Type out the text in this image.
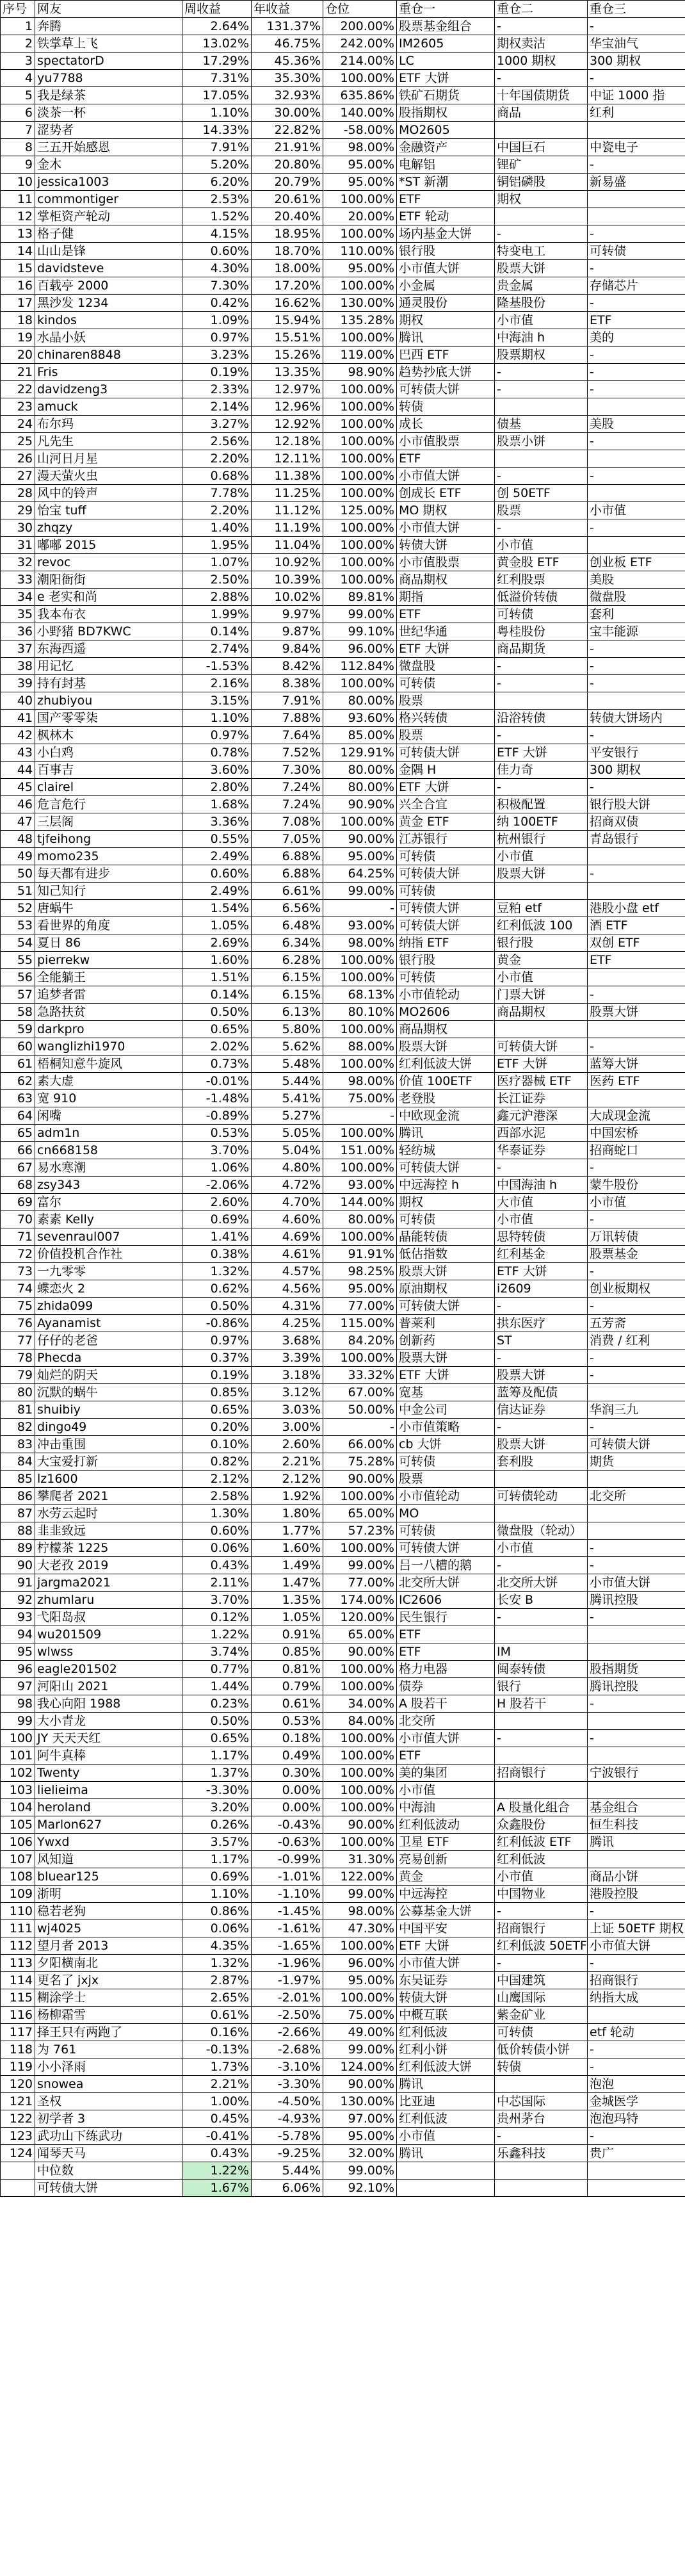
序号	网友	周收益	年收益	仓位	重仓一	重仓二	重仓三
1	奔腾	2.64%	131.37%	200.00%	股票基金组合	-	-
2	铁掌草上飞	13.02%	46.75%	242.00%	IM2605	期权卖沽	华宝油气
3	spectatorD	17.29%	45.36%	214.00%	LC	1000 期权	300 期权
4	yu7788	7.31%	35.30%	100.00%	ETF 大饼	-	-
5	我是绿茶	17.05%	32.93%	635.86%	铁矿石期货	十年国债期货	中证 1000 指
6	淡茶一杯	1.10%	30.00%	140.00%	股指期权	商品	红利
7	涩势者	14.33%	22.82%	-58.00%	MO2605		
8	三五开始感恩	7.91%	21.91%	98.00%	金融资产	中国巨石	中瓷电子
9	金木	5.20%	20.80%	95.00%	电解铝	锂矿	-
10	jessica1003	6.20%	20.79%	95.00%	*ST 新潮	铜铝磷股	新易盛
11	commontiger	2.53%	20.61%	100.00%	ETF	期权	
12	掌柜资产轮动	1.52%	20.40%	20.00%	ETF 轮动		
13	格子健	4.15%	18.95%	100.00%	场内基金大饼	-	-
14	山山是锋	0.60%	18.70%	110.00%	银行股	特变电工	可转债
15	davidsteve	4.30%	18.00%	95.00%	小市值大饼	股票大饼	-
16	百载亭 2000	7.30%	17.20%	100.00%	小金属	贵金属	存储芯片
17	黑沙发 1234	0.42%	16.62%	130.00%	通灵股份	隆基股份	-
18	kindos	1.09%	15.94%	135.28%	期权	小市值	ETF
19	水晶小妖	0.97%	15.51%	100.00%	腾讯	中海油 h	美的
20	chinaren8848	3.23%	15.26%	119.00%	巴西 ETF	股票期权	-
21	Fris	0.19%	13.35%	98.90%	趋势抄底大饼	-	-
22	davidzeng3	2.33%	12.97%	100.00%	可转债大饼	-	-
23	amuck	2.14%	12.96%	100.00%	转债		
24	布尔玛	3.27%	12.92%	100.00%	成长	债基	美股
25	凡先生	2.56%	12.18%	100.00%	小市值股票	股票小饼	-
26	山河日月星	2.20%	12.11%	100.00%	ETF		
27	漫天萤火虫	0.68%	11.38%	100.00%	小市值大饼	-	-
28	风中的铃声	7.78%	11.25%	100.00%	创成长 ETF	创 50ETF	
29	怡宝 tuff	2.20%	11.12%	125.00%	MO 期权	股票	小市值
30	zhqzy	1.40%	11.19%	100.00%	小市值大饼	-	-
31	嘟嘟 2015	1.95%	11.04%	100.00%	转债大饼	小市值	
32	revoc	1.07%	10.92%	100.00%	小市值股票	黄金股 ETF	创业板 ETF
33	潮阳衙街	2.50%	10.39%	100.00%	商品期权	红利股票	美股
34	e 老实和尚	2.88%	10.02%	89.81%	期指	低溢价转债	微盘股
35	我本布衣	1.99%	9.97%	99.00%	ETF	可转债	套利
36	小野猪 BD7KWC	0.14%	9.87%	99.10%	世纪华通	粤桂股份	宝丰能源
37	东海西遥	2.74%	9.84%	96.00%	ETF 大饼	商品期货	-
38	用记忆	-1.53%	8.42%	112.84%	微盘股	-	-
39	持有封基	2.16%	8.38%	100.00%	可转债	-	-
40	zhubiyou	3.15%	7.91%	80.00%	股票		
41	国产零零柒	1.10%	7.88%	93.60%	格兴转债	沿浴转债	转债大饼场内
42	枫林木	0.97%	7.64%	85.00%	股票	-	-
43	小白鸡	0.78%	7.52%	129.91%	可转债大饼	ETF 大饼	平安银行
44	百事吉	3.60%	7.30%	80.00%	金隅 H	佳力奇	300 期权
45	clairel	2.80%	7.24%	80.00%	ETF 大饼	-	-
46	危言危行	1.68%	7.24%	90.90%	兴全合宜	积极配置	银行股大饼
47	三层阁	3.36%	7.08%	100.00%	黄金 ETF	纳 100ETF	招商双债
48	tjfeihong	0.55%	7.05%	90.00%	江苏银行	杭州银行	青岛银行
49	momo235	2.49%	6.88%	95.00%	可转债	小市值	
50	每天都有进步	0.60%	6.88%	64.25%	可转债大饼	股票大饼	-
51	知己知行	2.49%	6.61%	99.00%	可转债		
52	唐蜗牛	1.54%	6.56%	-	可转债大饼	豆粕 etf	港股小盘 etf
53	看世界的角度	1.05%	6.48%	93.00%	可转债大饼	红利低波 100	酒 ETF
54	夏日 86	2.69%	6.34%	98.00%	纳指 ETF	银行股	双创 ETF
55	pierrekw	1.60%	6.28%	100.00%	银行股	黄金	ETF
56	全能躺王	1.51%	6.15%	100.00%	可转债	小市值	
57	追梦者雷	0.14%	6.15%	68.13%	小市值轮动	门票大饼	-
58	急路扶贫	0.50%	6.13%	80.10%	MO2606	商品期权	股票大饼
59	darkpro	0.65%	5.80%	100.00%	商品期权		
60	wanglizhi1970	2.02%	5.62%	88.00%	股票大饼	可转债大饼	-
61	梧桐知意牛旋风	0.73%	5.48%	100.00%	红利低波大饼	ETF 大饼	蓝筹大饼
62	素大虚	-0.01%	5.44%	98.00%	价值 100ETF	医疗器械 ETF	医药 ETF
63	宽 910	-1.48%	5.41%	75.00%	老登股	长江证券	
64	闲嘴	-0.89%	5.27%	-	中欧现金流	鑫元沪港深	大成现金流
65	adm1n	0.53%	5.05%	100.00%	腾讯	西部水泥	中国宏桥
66	cn668158	3.70%	5.04%	151.00%	轻纺城	华泰证券	招商蛇口
67	易水寒潮	1.06%	4.80%	100.00%	可转债大饼	-	-
68	zsy343	-2.06%	4.72%	93.00%	中远海控 h	中国海油 h	蒙牛股份
69	富尔	2.60%	4.70%	144.00%	期权	大市值	小市值
70	素素 Kelly	0.69%	4.60%	80.00%	可转债	小市值	-
71	sevenraul007	1.41%	4.69%	100.00%	晶能转债	思特转债	万讯转债
72	价值投机合作社	0.38%	4.61%	91.91%	低估指数	红利基金	股票基金
73	一九零零	1.32%	4.57%	98.25%	股票大饼	ETF 大饼	-
74	蝶恋火 2	0.62%	4.56%	95.00%	原油期权	i2609	创业板期权
75	zhida099	0.50%	4.31%	77.00%	可转债大饼	-	-
76	Ayanamist	-0.86%	4.25%	115.00%	普莱利	拱东医疗	五芳斋
77	仔仔的老爸	0.97%	3.68%	84.20%	创新药	ST	消费 / 红利
78	Phecda	0.37%	3.39%	100.00%	股票大饼	-	-
79	灿烂的阴天	0.19%	3.18%	33.32%	ETF 大饼	股票大饼	-
80	沉默的蜗牛	0.85%	3.12%	67.00%	宽基	蓝筹及配债	
81	shuibiy	0.65%	3.03%	50.00%	中金公司	信达证券	华润三九
82	dingo49	0.20%	3.00%	-	小市值策略	-	-
83	冲击重围	0.10%	2.60%	66.00%	cb 大饼	股票大饼	可转债大饼
84	大宝爱打新	0.82%	2.21%	75.28%	可转债	套利股	期货
85	lz1600	2.12%	2.12%	90.00%	股票		
86	攀爬者 2021	2.58%	1.92%	100.00%	小市值轮动	可转债轮动	北交所
87	水劳云起时	1.30%	1.80%	65.00%	MO		
88	韭韭致远	0.60%	1.77%	57.23%	可转债	微盘股（轮动）	
89	柠檬茶 1225	0.06%	1.60%	100.00%	可转债大饼	小市值	-
90	大老孜 2019	0.43%	1.49%	99.00%	吕一八槽的鹅	-	-
91	jargma2021	2.11%	1.47%	77.00%	北交所大饼	北交所大饼	小市值大饼
92	zhumlaru	3.70%	1.35%	174.00%	IC2606	长安 B	腾讯控股
93	弋阳岛叔	0.12%	1.05%	120.00%	民生银行	-	-
94	wu201509	1.22%	0.91%	65.00%	ETF		
95	wlwss	3.74%	0.85%	90.00%	ETF	IM	
96	eagle201502	0.77%	0.81%	100.00%	格力电器	闽泰转债	股指期货
97	河阳山 2021	1.44%	0.79%	100.00%	债券	银行	腾讯控股
98	我心向阳 1988	0.23%	0.61%	34.00%	A 股若干	H 股若干	-
99	大小青龙	0.50%	0.53%	84.00%	北交所		
100	JY 天天天红	0.65%	0.18%	100.00%	小市值大饼	-	-
101	阿牛真棒	1.17%	0.49%	100.00%	ETF		
102	Twenty	1.37%	0.30%	100.00%	美的集团	招商银行	宁波银行
103	lielieima	-3.30%	0.00%	100.00%	小市值		
104	heroland	3.20%	0.00%	100.00%	中海油	A 股量化组合	基金组合
105	Marlon627	0.26%	-0.43%	90.00%	红利低波动	众鑫股份	恒生科技
106	Ywxd	3.57%	-0.63%	100.00%	卫星 ETF	红利低波 ETF	腾讯
107	风知道	1.17%	-0.99%	31.30%	亮易创新	红利低波	
108	bluear125	0.69%	-1.01%	122.00%	黄金	小市值	商品小饼
109	浙明	1.10%	-1.10%	99.00%	中远海控	中国物业	港股控股
110	稳若老狗	0.86%	-1.45%	98.00%	公募基金大饼	-	-
111	wj4025	0.06%	-1.61%	47.30%	中国平安	招商银行	上证 50ETF 期权
112	望月者 2013	4.35%	-1.65%	100.00%	ETF 大饼	红利低波 50ETF	小市值大饼
113	夕阳横南北	1.32%	-1.96%	96.00%	小市值大饼	-	-
114	更名了 jxjx	2.87%	-1.97%	95.00%	东吴证券	中国建筑	招商银行
115	糊涂学士	2.65%	-2.01%	100.00%	转债大饼	山鹰国际	纳指大成
116	杨柳霜雪	0.61%	-2.50%	75.00%	中概互联	紫金矿业	
117	择王只有两跑了	0.16%	-2.66%	49.00%	红利低波	可转债	etf 轮动
118	为 761	-0.13%	-2.68%	99.00%	红利小饼	低价转债小饼	-
119	小小泽雨	1.73%	-3.10%	124.00%	红利低波大饼	转债	-
120	snowea	2.21%	-3.30%	90.00%	腾讯		泡泡
121	圣权	1.00%	-4.50%	130.00%	比亚迪	中芯国际	金城医学
122	初学者 3	0.45%	-4.93%	97.00%	红利低波	贵州茅台	泡泡玛特
123	武功山下练武功	-0.41%	-5.78%	95.00%	小市值	-	-
124	闻琴天马	0.43%	-9.25%	32.00%	腾讯	乐鑫科技	贵广
	中位数	1.22%	5.44%	99.00%			
	可转债大饼	1.67%	6.06%	92.10%			
